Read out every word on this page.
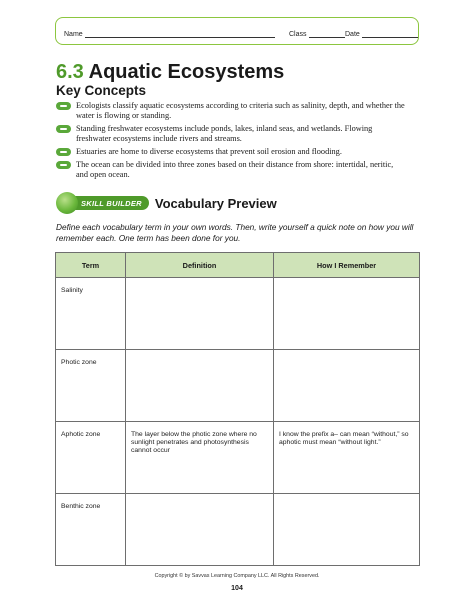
Name	Class	Date
6.3 Aquatic Ecosystems
Key Concepts
Ecologists classify aquatic ecosystems according to criteria such as salinity, depth, and whether the water is flowing or standing.
Standing freshwater ecosystems include ponds, lakes, inland seas, and wetlands. Flowing freshwater ecosystems include rivers and streams.
Estuaries are home to diverse ecosystems that prevent soil erosion and flooding.
The ocean can be divided into three zones based on their distance from shore: intertidal, neritic, and open ocean.
SKILL BUILDER	Vocabulary Preview
Define each vocabulary term in your own words. Then, write yourself a quick note on how you will remember each. One term has been done for you.
Term	Definition	How I Remember
Salinity		
Photic zone		
Aphotic zone	The layer below the photic zone where no sunlight penetrates and photosynthesis cannot occur	I know the prefix a– can mean “without,” so aphotic must mean “without light.”
Benthic zone		
Copyright © by Savvas Learning Company LLC. All Rights Reserved.
104
